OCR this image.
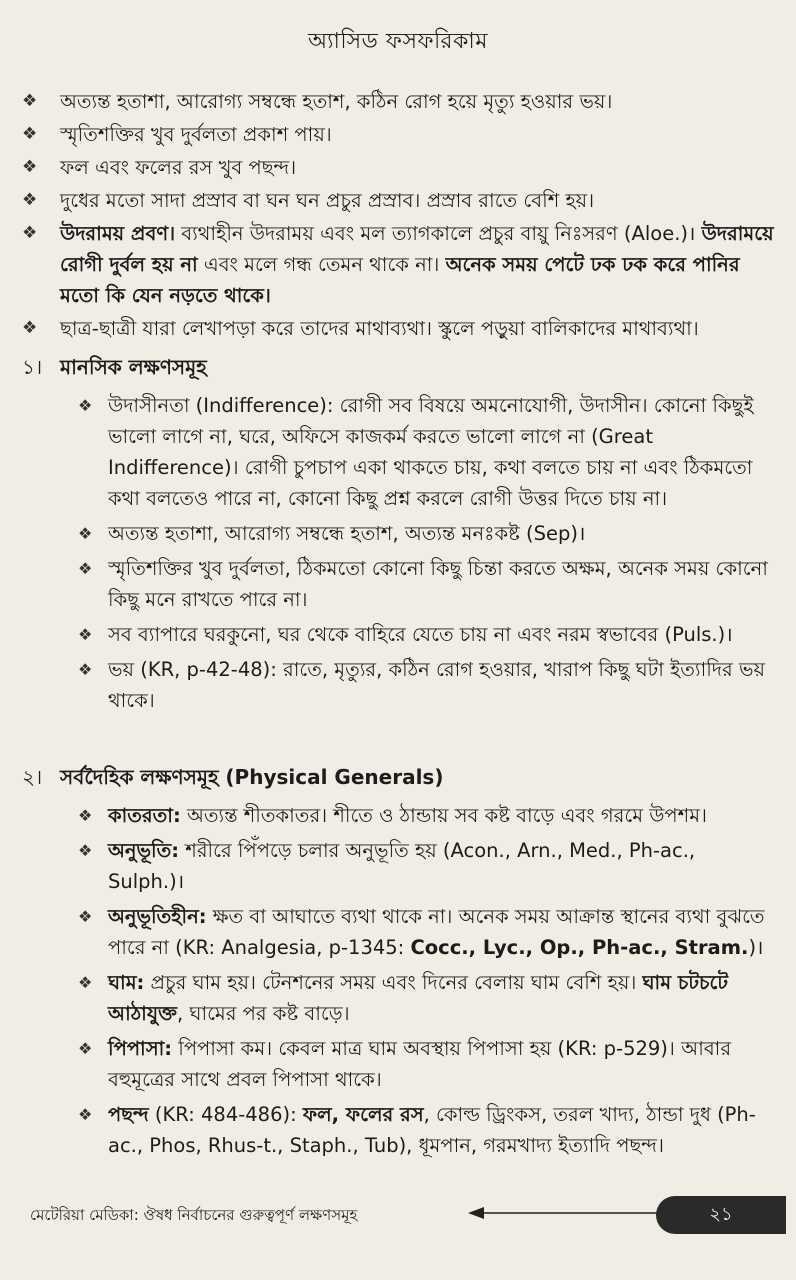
অ্যাসিড ফসফরিকাম
❖ অত্যন্ত হতাশা, আরোগ্য সম্বন্ধে হতাশ, কঠিন রোগ হয়ে মৃত্যু হওয়ার ভয়।
❖ স্মৃতিশক্তির খুব দুর্বলতা প্রকাশ পায়।
❖ ফল এবং ফলের রস খুব পছন্দ।
❖ দুধের মতো সাদা প্রস্রাব বা ঘন ঘন প্রচুর প্রস্রাব। প্রস্রাব রাতে বেশি হয়।
❖ উদরাময় প্রবণ। ব্যথাহীন উদরাময় এবং মল ত্যাগকালে প্রচুর বায়ু নিঃসরণ (Aloe.)। উদরাময়ে রোগী দুর্বল হয় না এবং মলে গন্ধ তেমন থাকে না। অনেক সময় পেটে ঢক ঢক করে পানির মতো কি যেন নড়তে থাকে।
❖ ছাত্র-ছাত্রী যারা লেখাপড়া করে তাদের মাথাব্যথা। স্কুলে পড়ুয়া বালিকাদের মাথাব্যথা।
১। মানসিক লক্ষণসমূহ
❖ উদাসীনতা (Indifference): রোগী সব বিষয়ে অমনোযোগী, উদাসীন। কোনো কিছুই ভালো লাগে না, ঘরে, অফিসে কাজকর্ম করতে ভালো লাগে না (Great Indifference)। রোগী চুপচাপ একা থাকতে চায়, কথা বলতে চায় না এবং ঠিকমতো কথা বলতেও পারে না, কোনো কিছু প্রশ্ন করলে রোগী উত্তর দিতে চায় না।
❖ অত্যন্ত হতাশা, আরোগ্য সম্বন্ধে হতাশ, অত্যন্ত মনঃকষ্ট (Sep)।
❖ স্মৃতিশক্তির খুব দুর্বলতা, ঠিকমতো কোনো কিছু চিন্তা করতে অক্ষম, অনেক সময় কোনো কিছু মনে রাখতে পারে না।
❖ সব ব্যাপারে ঘরকুনো, ঘর থেকে বাহিরে যেতে চায় না এবং নরম স্বভাবের (Puls.)।
❖ ভয় (KR, p-42-48): রাতে, মৃত্যুর, কঠিন রোগ হওয়ার, খারাপ কিছু ঘটা ইত্যাদির ভয় থাকে।
২। সর্বদৈহিক লক্ষণসমূহ (Physical Generals)
❖ কাতরতা: অত্যন্ত শীতকাতর। শীতে ও ঠান্ডায় সব কষ্ট বাড়ে এবং গরমে উপশম।
❖ অনুভূতি: শরীরে পিঁপড়ে চলার অনুভূতি হয় (Acon., Arn., Med., Ph-ac., Sulph.)।
❖ অনুভূতিহীন: ক্ষত বা আঘাতে ব্যথা থাকে না। অনেক সময় আক্রান্ত স্থানের ব্যথা বুঝতে পারে না (KR: Analgesia, p-1345: Cocc., Lyc., Op., Ph-ac., Stram.)।
❖ ঘাম: প্রচুর ঘাম হয়। টেনশনের সময় এবং দিনের বেলায় ঘাম বেশি হয়। ঘাম চটচটে আঠাযুক্ত, ঘামের পর কষ্ট বাড়ে।
❖ পিপাসা: পিপাসা কম। কেবল মাত্র ঘাম অবস্থায় পিপাসা হয় (KR: p-529)। আবার বহুমূত্রের সাথে প্রবল পিপাসা থাকে।
❖ পছন্দ (KR: 484-486): ফল, ফলের রস, কোল্ড ড্রিংকস, তরল খাদ্য, ঠান্ডা দুধ (Ph-ac., Phos, Rhus-t., Staph., Tub), ধূমপান, গরমখাদ্য ইত্যাদি পছন্দ।
মেটেরিয়া মেডিকা: ঔষধ নির্বাচনের গুরুত্বপূর্ণ লক্ষণসমূহ	২১
